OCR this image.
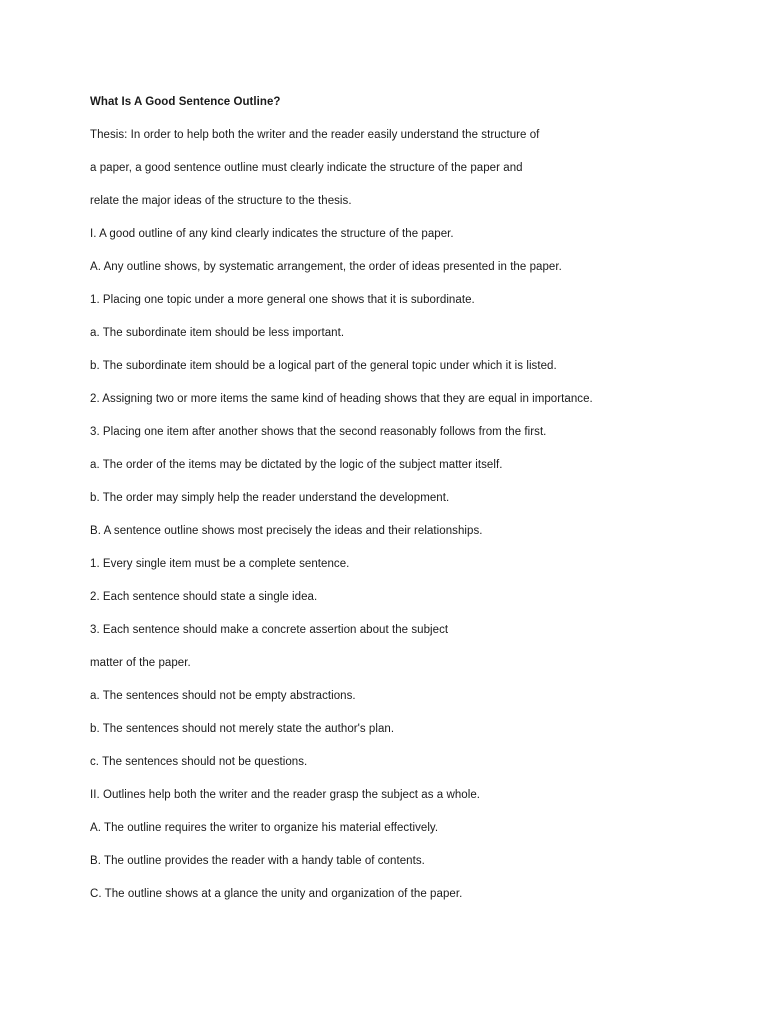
What Is A Good Sentence Outline?
Thesis: In order to help both the writer and the reader easily understand the structure of
a paper, a good sentence outline must clearly indicate the structure of the paper and
relate the major ideas of the structure to the thesis.
I. A good outline of any kind clearly indicates the structure of the paper.
A. Any outline shows, by systematic arrangement, the order of ideas presented in the paper.
1. Placing one topic under a more general one shows that it is subordinate.
a. The subordinate item should be less important.
b. The subordinate item should be a logical part of the general topic under which it is listed.
2. Assigning two or more items the same kind of heading shows that they are equal in importance.
3. Placing one item after another shows that the second reasonably follows from the first.
a. The order of the items may be dictated by the logic of the subject matter itself.
b. The order may simply help the reader understand the development.
B. A sentence outline shows most precisely the ideas and their relationships.
1. Every single item must be a complete sentence.
2. Each sentence should state a single idea.
3. Each sentence should make a concrete assertion about the subject
matter of the paper.
a. The sentences should not be empty abstractions.
b. The sentences should not merely state the author's plan.
c. The sentences should not be questions.
II. Outlines help both the writer and the reader grasp the subject as a whole.
A. The outline requires the writer to organize his material effectively.
B. The outline provides the reader with a handy table of contents.
C. The outline shows at a glance the unity and organization of the paper.
